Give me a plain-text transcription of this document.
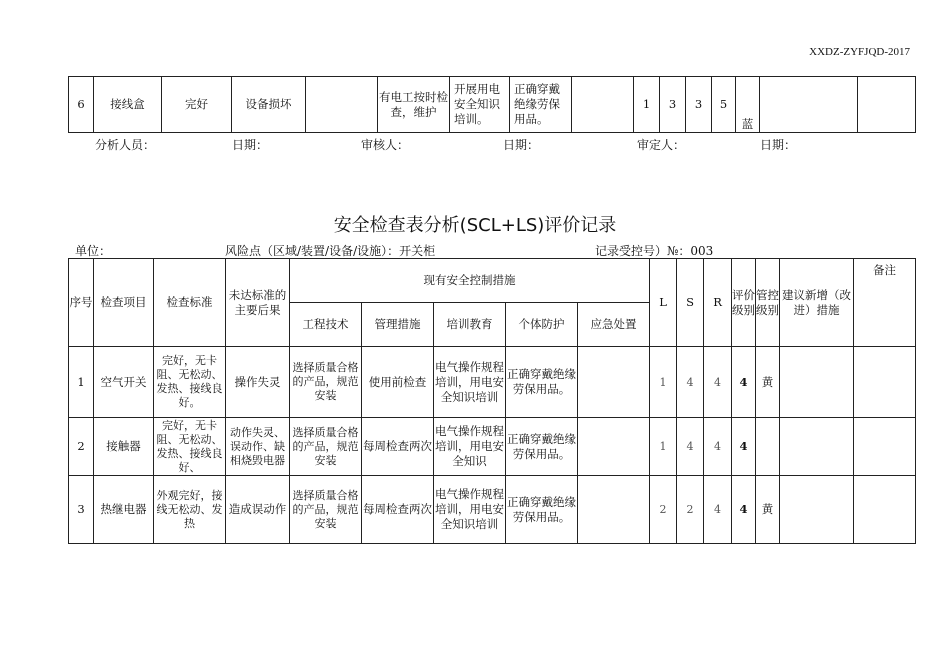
XXDZ-ZYFJQD-2017
6	接线盒	完好	设备损坏		有电工按时检查，维护	开展用电安全知识培训。	正确穿戴绝缘劳保用品。		1	3	3	5	蓝		
分析人员：	日期：	审核人：	日期：	审定人：	日期：
安全检查表分析(SCL+LS)评价记录
单位：	风险点（区域/装置/设备/设施）：开关柜	记录受控号）№：003
序号	检查项目	检查标准	未达标准的主要后果	现有安全控制措施					L	S	R	评价级别	管控级别	建议新增（改进）措施	备注
				工程技术	管理措施	培训教育	个体防护	应急处置							
1	空气开关	完好，无卡阻、无松动、发热、接线良好。	操作失灵	选择质量合格的产品，规范安装	使用前检查	电气操作规程培训，用电安全知识培训	正确穿戴绝缘劳保用品。		1	4	4	4	黄		
2	接触器	完好，无卡阻、无松动、发热、接线良好、	动作失灵、误动作、缺相烧毁电器	选择质量合格的产品，规范安装	每周检查两次	电气操作规程培训，用电安全知识	正确穿戴绝缘劳保用品。		1	4	4	4			
3	热继电器	外观完好，接线无松动、发热	造成误动作	选择质量合格的产品，规范安装	每周检查两次	电气操作规程培训，用电安全知识培训	正确穿戴绝缘劳保用品。		2	2	4	4	黄		
